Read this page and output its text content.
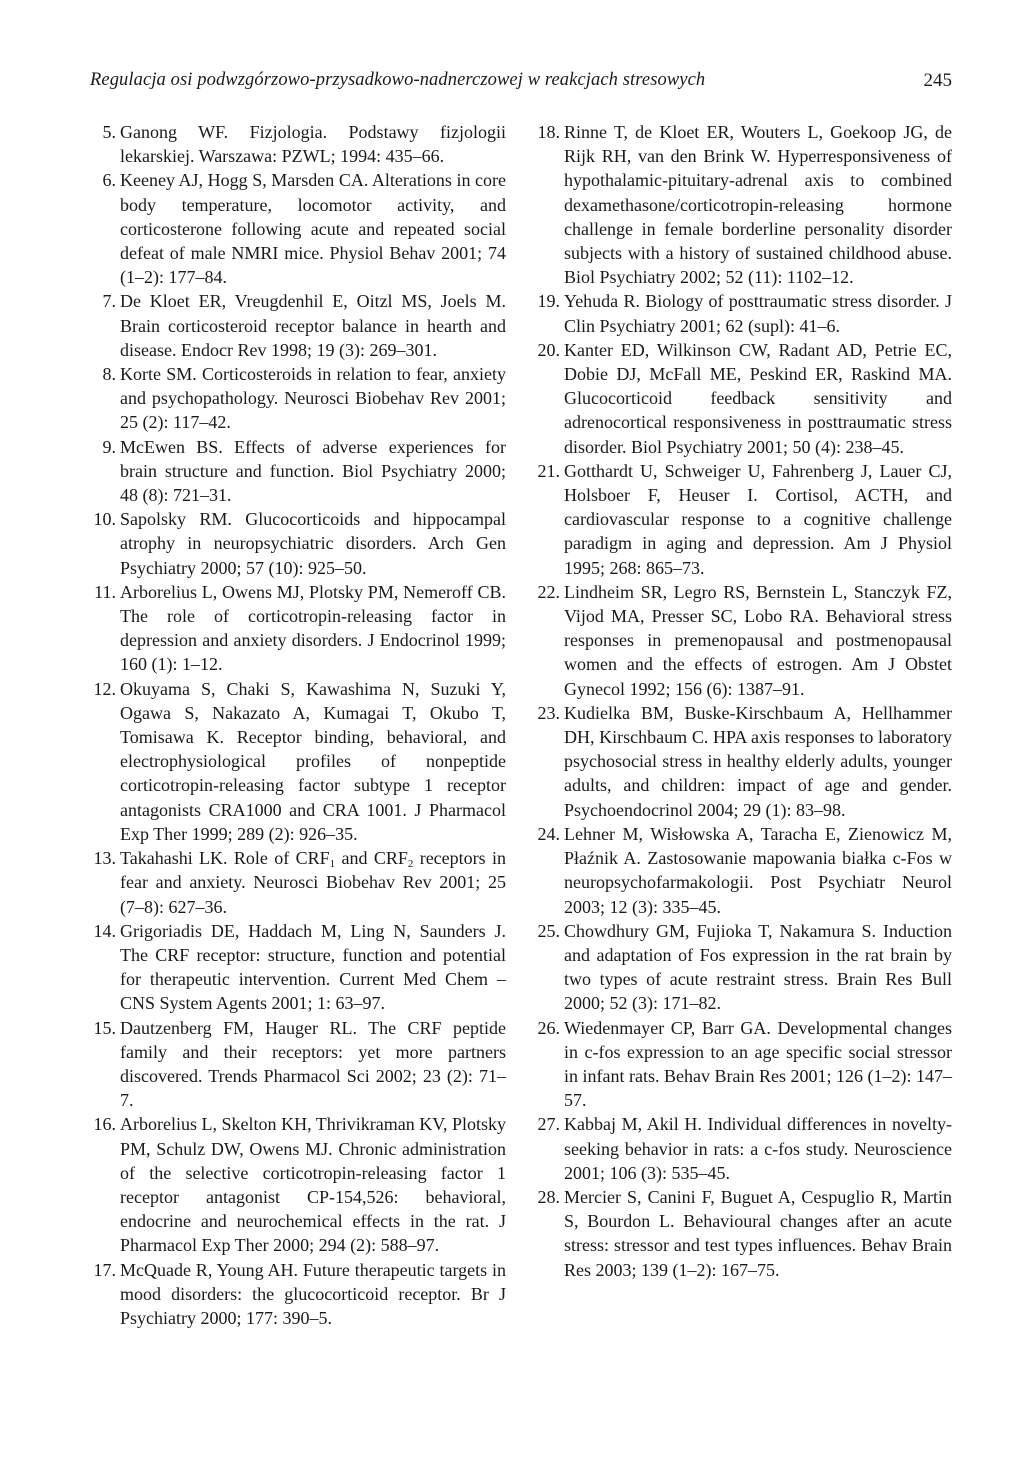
Regulacja osi podwzgórzowo-przysadkowo-nadnerczowej w reakcjach stresowych	245
5. Ganong WF. Fizjologia. Podstawy fizjologii lekarskiej. Warszawa: PZWL; 1994: 435–66.
6. Keeney AJ, Hogg S, Marsden CA. Alterations in core body temperature, locomotor activity, and corticosterone following acute and repeated social defeat of male NMRI mice. Physiol Behav 2001; 74 (1–2): 177–84.
7. De Kloet ER, Vreugdenhil E, Oitzl MS, Joels M. Brain corticosteroid receptor balance in hearth and disease. Endocr Rev 1998; 19 (3): 269–301.
8. Korte SM. Corticosteroids in relation to fear, anxiety and psychopathology. Neurosci Biobehav Rev 2001; 25 (2): 117–42.
9. McEwen BS. Effects of adverse experiences for brain structure and function. Biol Psychiatry 2000; 48 (8): 721–31.
10. Sapolsky RM. Glucocorticoids and hippocampal atrophy in neuropsychiatric disorders. Arch Gen Psychiatry 2000; 57 (10): 925–50.
11. Arborelius L, Owens MJ, Plotsky PM, Nemeroff CB. The role of corticotropin-releasing factor in depression and anxiety disorders. J Endocrinol 1999; 160 (1): 1–12.
12. Okuyama S, Chaki S, Kawashima N, Suzuki Y, Ogawa S, Nakazato A, Kumagai T, Okubo T, Tomisawa K. Receptor binding, behavioral, and electrophysiological profiles of nonpeptide corticotropin-releasing factor subtype 1 receptor antagonists CRA1000 and CRA 1001. J Pharmacol Exp Ther 1999; 289 (2): 926–35.
13. Takahashi LK. Role of $CRF_1$ and $CRF_2$ receptors in fear and anxiety. Neurosci Biobehav Rev 2001; 25 (7–8): 627–36.
14. Grigoriadis DE, Haddach M, Ling N, Saunders J. The CRF receptor: structure, function and potential for therapeutic intervention. Current Med Chem – CNS System Agents 2001; 1: 63–97.
15. Dautzenberg FM, Hauger RL. The CRF peptide family and their receptors: yet more partners discovered. Trends Pharmacol Sci 2002; 23 (2): 71–7.
16. Arborelius L, Skelton KH, Thrivikraman KV, Plotsky PM, Schulz DW, Owens MJ. Chronic administration of the selective corticotropin-releasing factor 1 receptor antagonist CP-154,526: behavioral, endocrine and neurochemical effects in the rat. J Pharmacol Exp Ther 2000; 294 (2): 588–97.
17. McQuade R, Young AH. Future therapeutic targets in mood disorders: the glucocorticoid receptor. Br J Psychiatry 2000; 177: 390–5.
18. Rinne T, de Kloet ER, Wouters L, Goekoop JG, de Rijk RH, van den Brink W. Hyperresponsiveness of hypothalamic-pituitary-adrenal axis to combined dexamethasone/corticotropin-releasing hormone challenge in female borderline personality disorder subjects with a history of sustained childhood abuse. Biol Psychiatry 2002; 52 (11): 1102–12.
19. Yehuda R. Biology of posttraumatic stress disorder. J Clin Psychiatry 2001; 62 (supl): 41–6.
20. Kanter ED, Wilkinson CW, Radant AD, Petrie EC, Dobie DJ, McFall ME, Peskind ER, Raskind MA. Glucocorticoid feedback sensitivity and adrenocortical responsiveness in posttraumatic stress disorder. Biol Psychiatry 2001; 50 (4): 238–45.
21. Gotthardt U, Schweiger U, Fahrenberg J, Lauer CJ, Holsboer F, Heuser I. Cortisol, ACTH, and cardiovascular response to a cognitive challenge paradigm in aging and depression. Am J Physiol 1995; 268: 865–73.
22. Lindheim SR, Legro RS, Bernstein L, Stanczyk FZ, Vijod MA, Presser SC, Lobo RA. Behavioral stress responses in premenopausal and postmenopausal women and the effects of estrogen. Am J Obstet Gynecol 1992; 156 (6): 1387–91.
23. Kudielka BM, Buske-Kirschbaum A, Hellhammer DH, Kirschbaum C. HPA axis responses to laboratory psychosocial stress in healthy elderly adults, younger adults, and children: impact of age and gender. Psychoendocrinol 2004; 29 (1): 83–98.
24. Lehner M, Wisłowska A, Taracha E, Zienowicz M, Płaźnik A. Zastosowanie mapowania białka c-Fos w neuropsychofarmakologii. Post Psychiatr Neurol 2003; 12 (3): 335–45.
25. Chowdhury GM, Fujioka T, Nakamura S. Induction and adaptation of Fos expression in the rat brain by two types of acute restraint stress. Brain Res Bull 2000; 52 (3): 171–82.
26. Wiedenmayer CP, Barr GA. Developmental changes in c-fos expression to an age specific social stressor in infant rats. Behav Brain Res 2001; 126 (1–2): 147–57.
27. Kabbaj M, Akil H. Individual differences in novelty-seeking behavior in rats: a c-fos study. Neuroscience 2001; 106 (3): 535–45.
28. Mercier S, Canini F, Buguet A, Cespuglio R, Martin S, Bourdon L. Behavioural changes after an acute stress: stressor and test types influences. Behav Brain Res 2003; 139 (1–2): 167–75.
